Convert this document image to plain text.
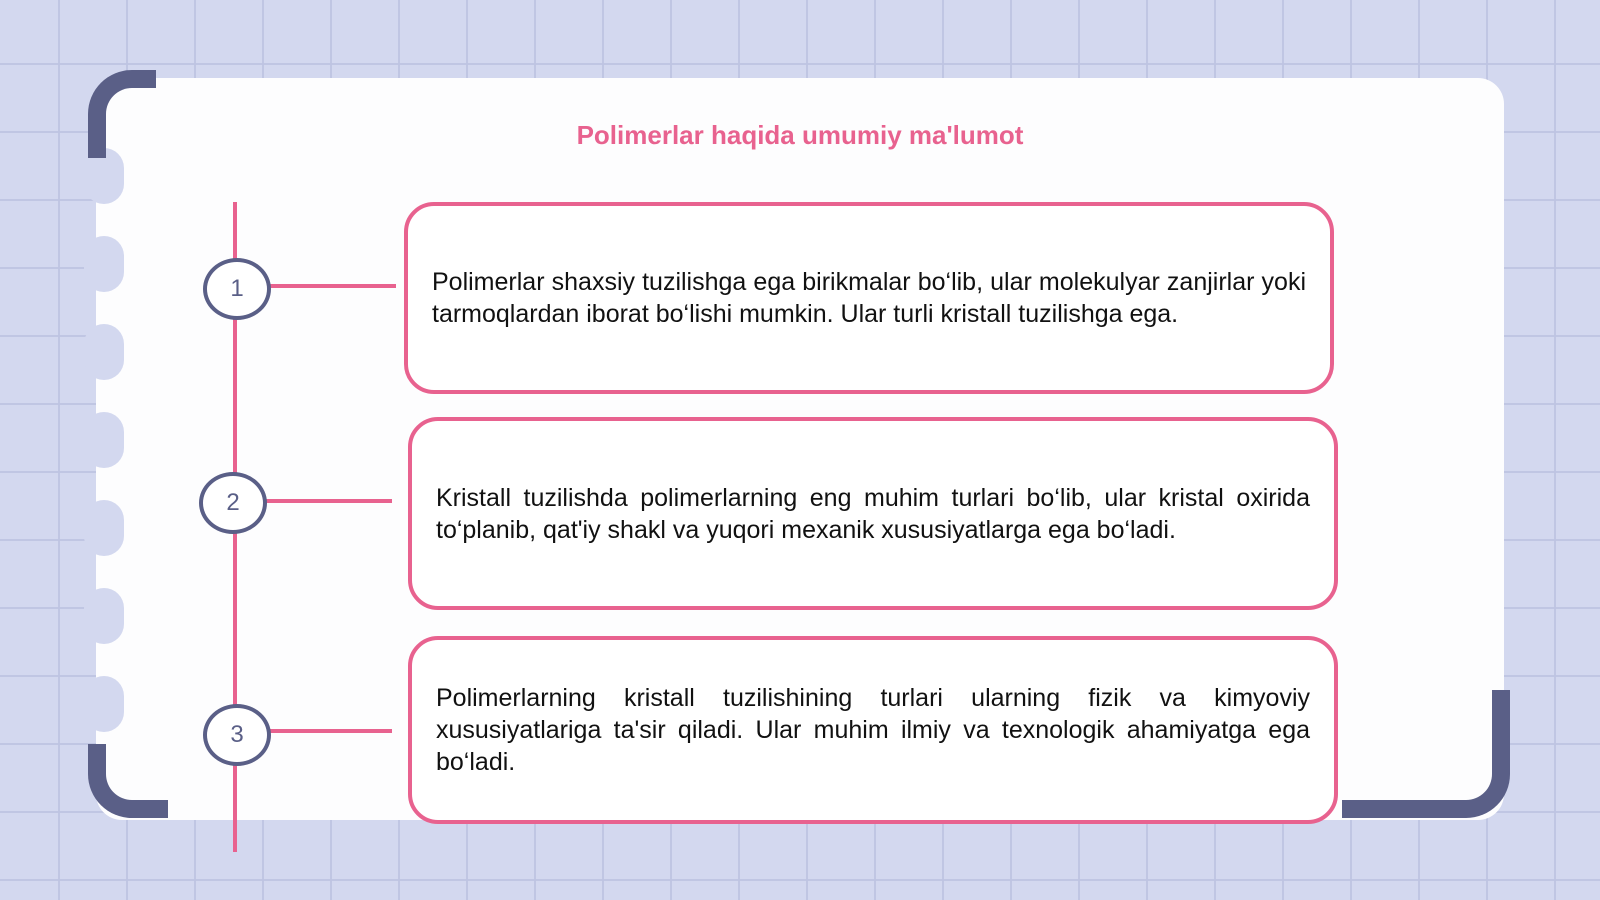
Polimerlar haqida umumiy ma'lumot
1
2
3
Polimerlar shaxsiy tuzilishga ega birikmalar bo‘lib, ular molekulyar zanjirlar yoki tarmoqlardan iborat bo‘lishi mumkin. Ular turli kristall tuzilishga ega.
Kristall tuzilishda polimerlarning eng muhim turlari bo‘lib, ular kristal oxirida to‘planib, qat'iy shakl va yuqori mexanik xususiyatlarga ega bo‘ladi.
Polimerlarning kristall tuzilishining turlari ularning fizik va kimyoviy xususiyatlariga ta'sir qiladi. Ular muhim ilmiy va texnologik ahamiyatga ega bo‘ladi.
